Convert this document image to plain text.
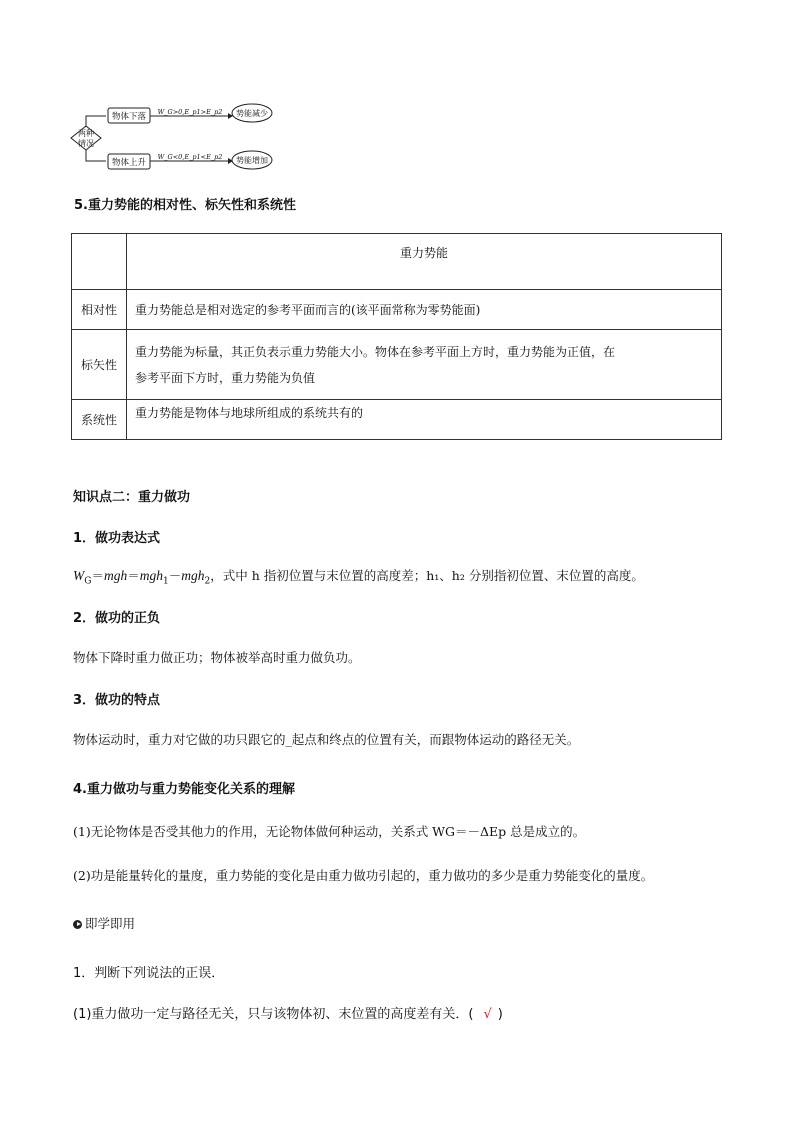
两种
情况
物体下落 W_G>0,E_p1>E_p2 势能减少
物体上升
W_G<0,E_p1<E_p2 势能增加
5.重力势能的相对性、标矢性和系统性
	重力势能
相对性	重力势能总是相对选定的参考平面而言的(该平面常称为零势能面)
标矢性	重力势能为标量，其正负表示重力势能大小。物体在参考平面上方时，重力势能为正值，在
参考平面下方时，重力势能为负值

系统性	重力势能是物体与地球所组成的系统共有的
知识点二：重力做功
1．做功表达式
$W_G=mgh=mgh_1-mgh_2$，式中 h 指初位置与末位置的高度差；h₁、h₂ 分别指初位置、末位置的高度。
2．做功的正负
物体下降时重力做正功；物体被举高时重力做负功。
3．做功的特点
物体运动时，重力对它做的功只跟它的_起点和终点的位置有关，而跟物体运动的路径无关。
4.重力做功与重力势能变化关系的理解
(1)无论物体是否受其他力的作用，无论物体做何种运动，关系式 WG＝－ΔEp 总是成立的。
(2)功是能量转化的量度，重力势能的变化是由重力做功引起的，重力做功的多少是重力势能变化的量度。
即学即用
1．判断下列说法的正误．
(1)重力做功一定与路径无关，只与该物体初、末位置的高度差有关．( √ )
